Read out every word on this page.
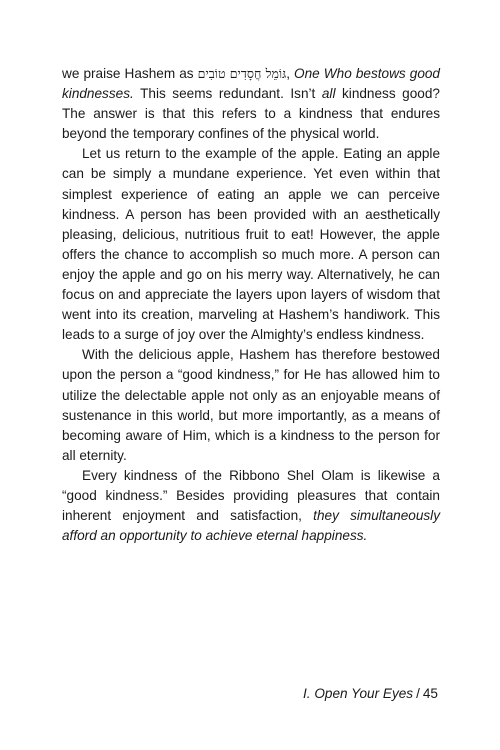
we praise Hashem as גּוֹמֵל חֲסָדִים טוֹבִים, One Who bestows good kindnesses. This seems redundant. Isn’t all kindness good? The answer is that this refers to a kindness that endures beyond the temporary confines of the physical world.

Let us return to the example of the apple. Eating an apple can be simply a mundane experience. Yet even within that simplest experience of eating an apple we can perceive kindness. A person has been provided with an aesthetically pleasing, delicious, nutritious fruit to eat! However, the apple offers the chance to accomplish so much more. A person can enjoy the apple and go on his merry way. Alternatively, he can focus on and appreciate the layers upon layers of wisdom that went into its creation, marveling at Hashem’s handiwork. This leads to a surge of joy over the Almighty’s endless kindness.

With the delicious apple, Hashem has therefore bestowed upon the person a “good kindness,” for He has allowed him to utilize the delectable apple not only as an enjoyable means of sustenance in this world, but more importantly, as a means of becoming aware of Him, which is a kindness to the person for all eternity.

Every kindness of the Ribbono Shel Olam is likewise a “good kindness.” Besides providing pleasures that contain inherent enjoyment and satisfaction, they simultaneously afford an opportunity to achieve eternal happiness.

I. Open Your Eyes / 45
